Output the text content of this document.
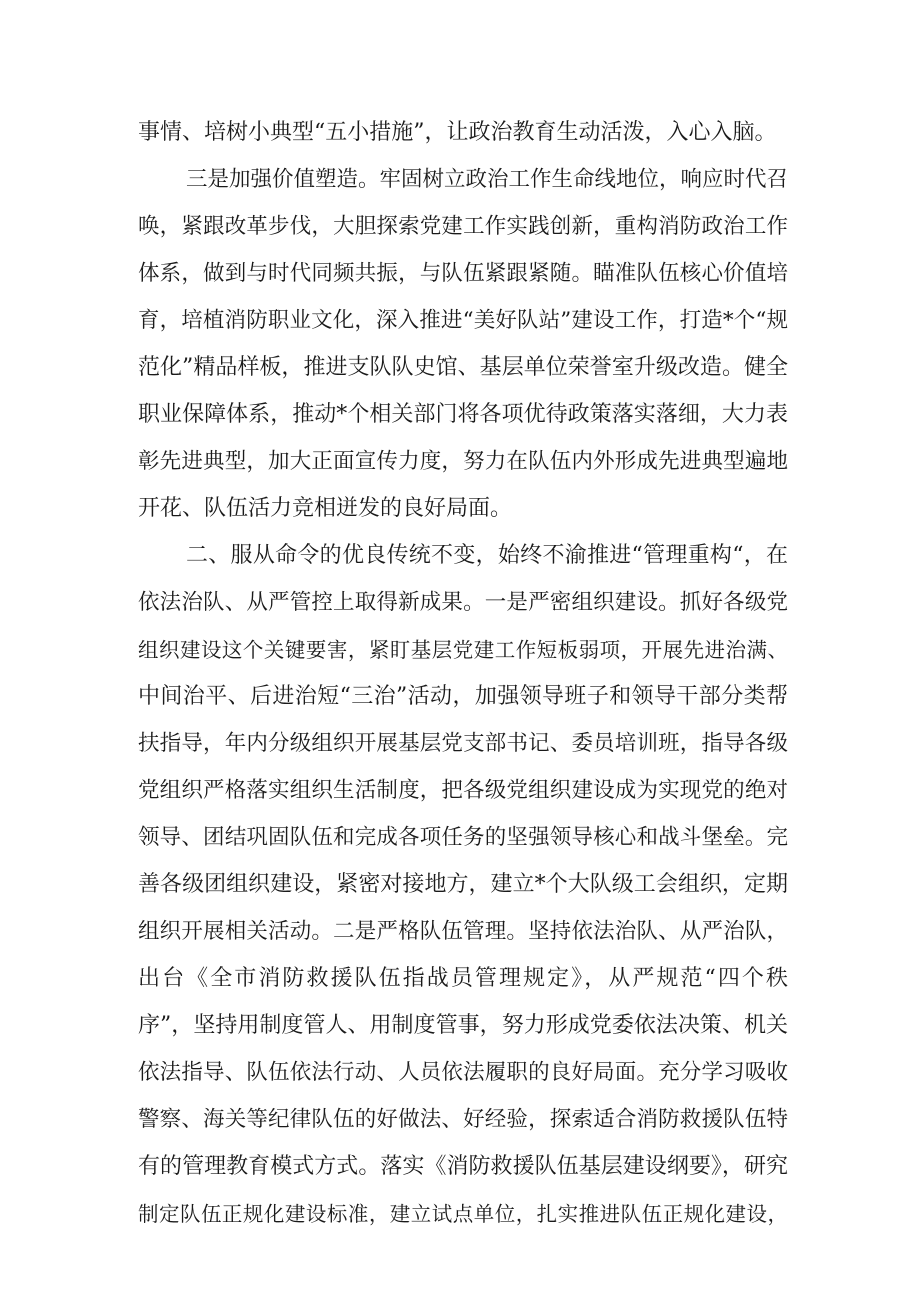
事情、培树小典型“五小措施”，让政治教育生动活泼，入心入脑。
三是加强价值塑造。牢固树立政治工作生命线地位，响应时代召
唤，紧跟改革步伐，大胆探索党建工作实践创新，重构消防政治工作
体系，做到与时代同频共振，与队伍紧跟紧随。瞄准队伍核心价值培
育，培植消防职业文化，深入推进“美好队站”建设工作，打造*个“规
范化”精品样板，推进支队队史馆、基层单位荣誉室升级改造。健全
职业保障体系，推动*个相关部门将各项优待政策落实落细，大力表
彰先进典型，加大正面宣传力度，努力在队伍内外形成先进典型遍地
开花、队伍活力竞相迸发的良好局面。
二、服从命令的优良传统不变，始终不渝推进“管理重构“，在
依法治队、从严管控上取得新成果。一是严密组织建设。抓好各级党
组织建设这个关键要害，紧盯基层党建工作短板弱项，开展先进治满、
中间治平、后进治短“三治”活动，加强领导班子和领导干部分类帮
扶指导，年内分级组织开展基层党支部书记、委员培训班，指导各级
党组织严格落实组织生活制度，把各级党组织建设成为实现党的绝对
领导、团结巩固队伍和完成各项任务的坚强领导核心和战斗堡垒。完
善各级团组织建设，紧密对接地方，建立*个大队级工会组织，定期
组织开展相关活动。二是严格队伍管理。坚持依法治队、从严治队，
出台《全市消防救援队伍指战员管理规定》，从严规范“四个秩
序”，坚持用制度管人、用制度管事，努力形成党委依法决策、机关
依法指导、队伍依法行动、人员依法履职的良好局面。充分学习吸收
警察、海关等纪律队伍的好做法、好经验，探索适合消防救援队伍特
有的管理教育模式方式。落实《消防救援队伍基层建设纲要》，研究
制定队伍正规化建设标准，建立试点单位，扎实推进队伍正规化建设，
